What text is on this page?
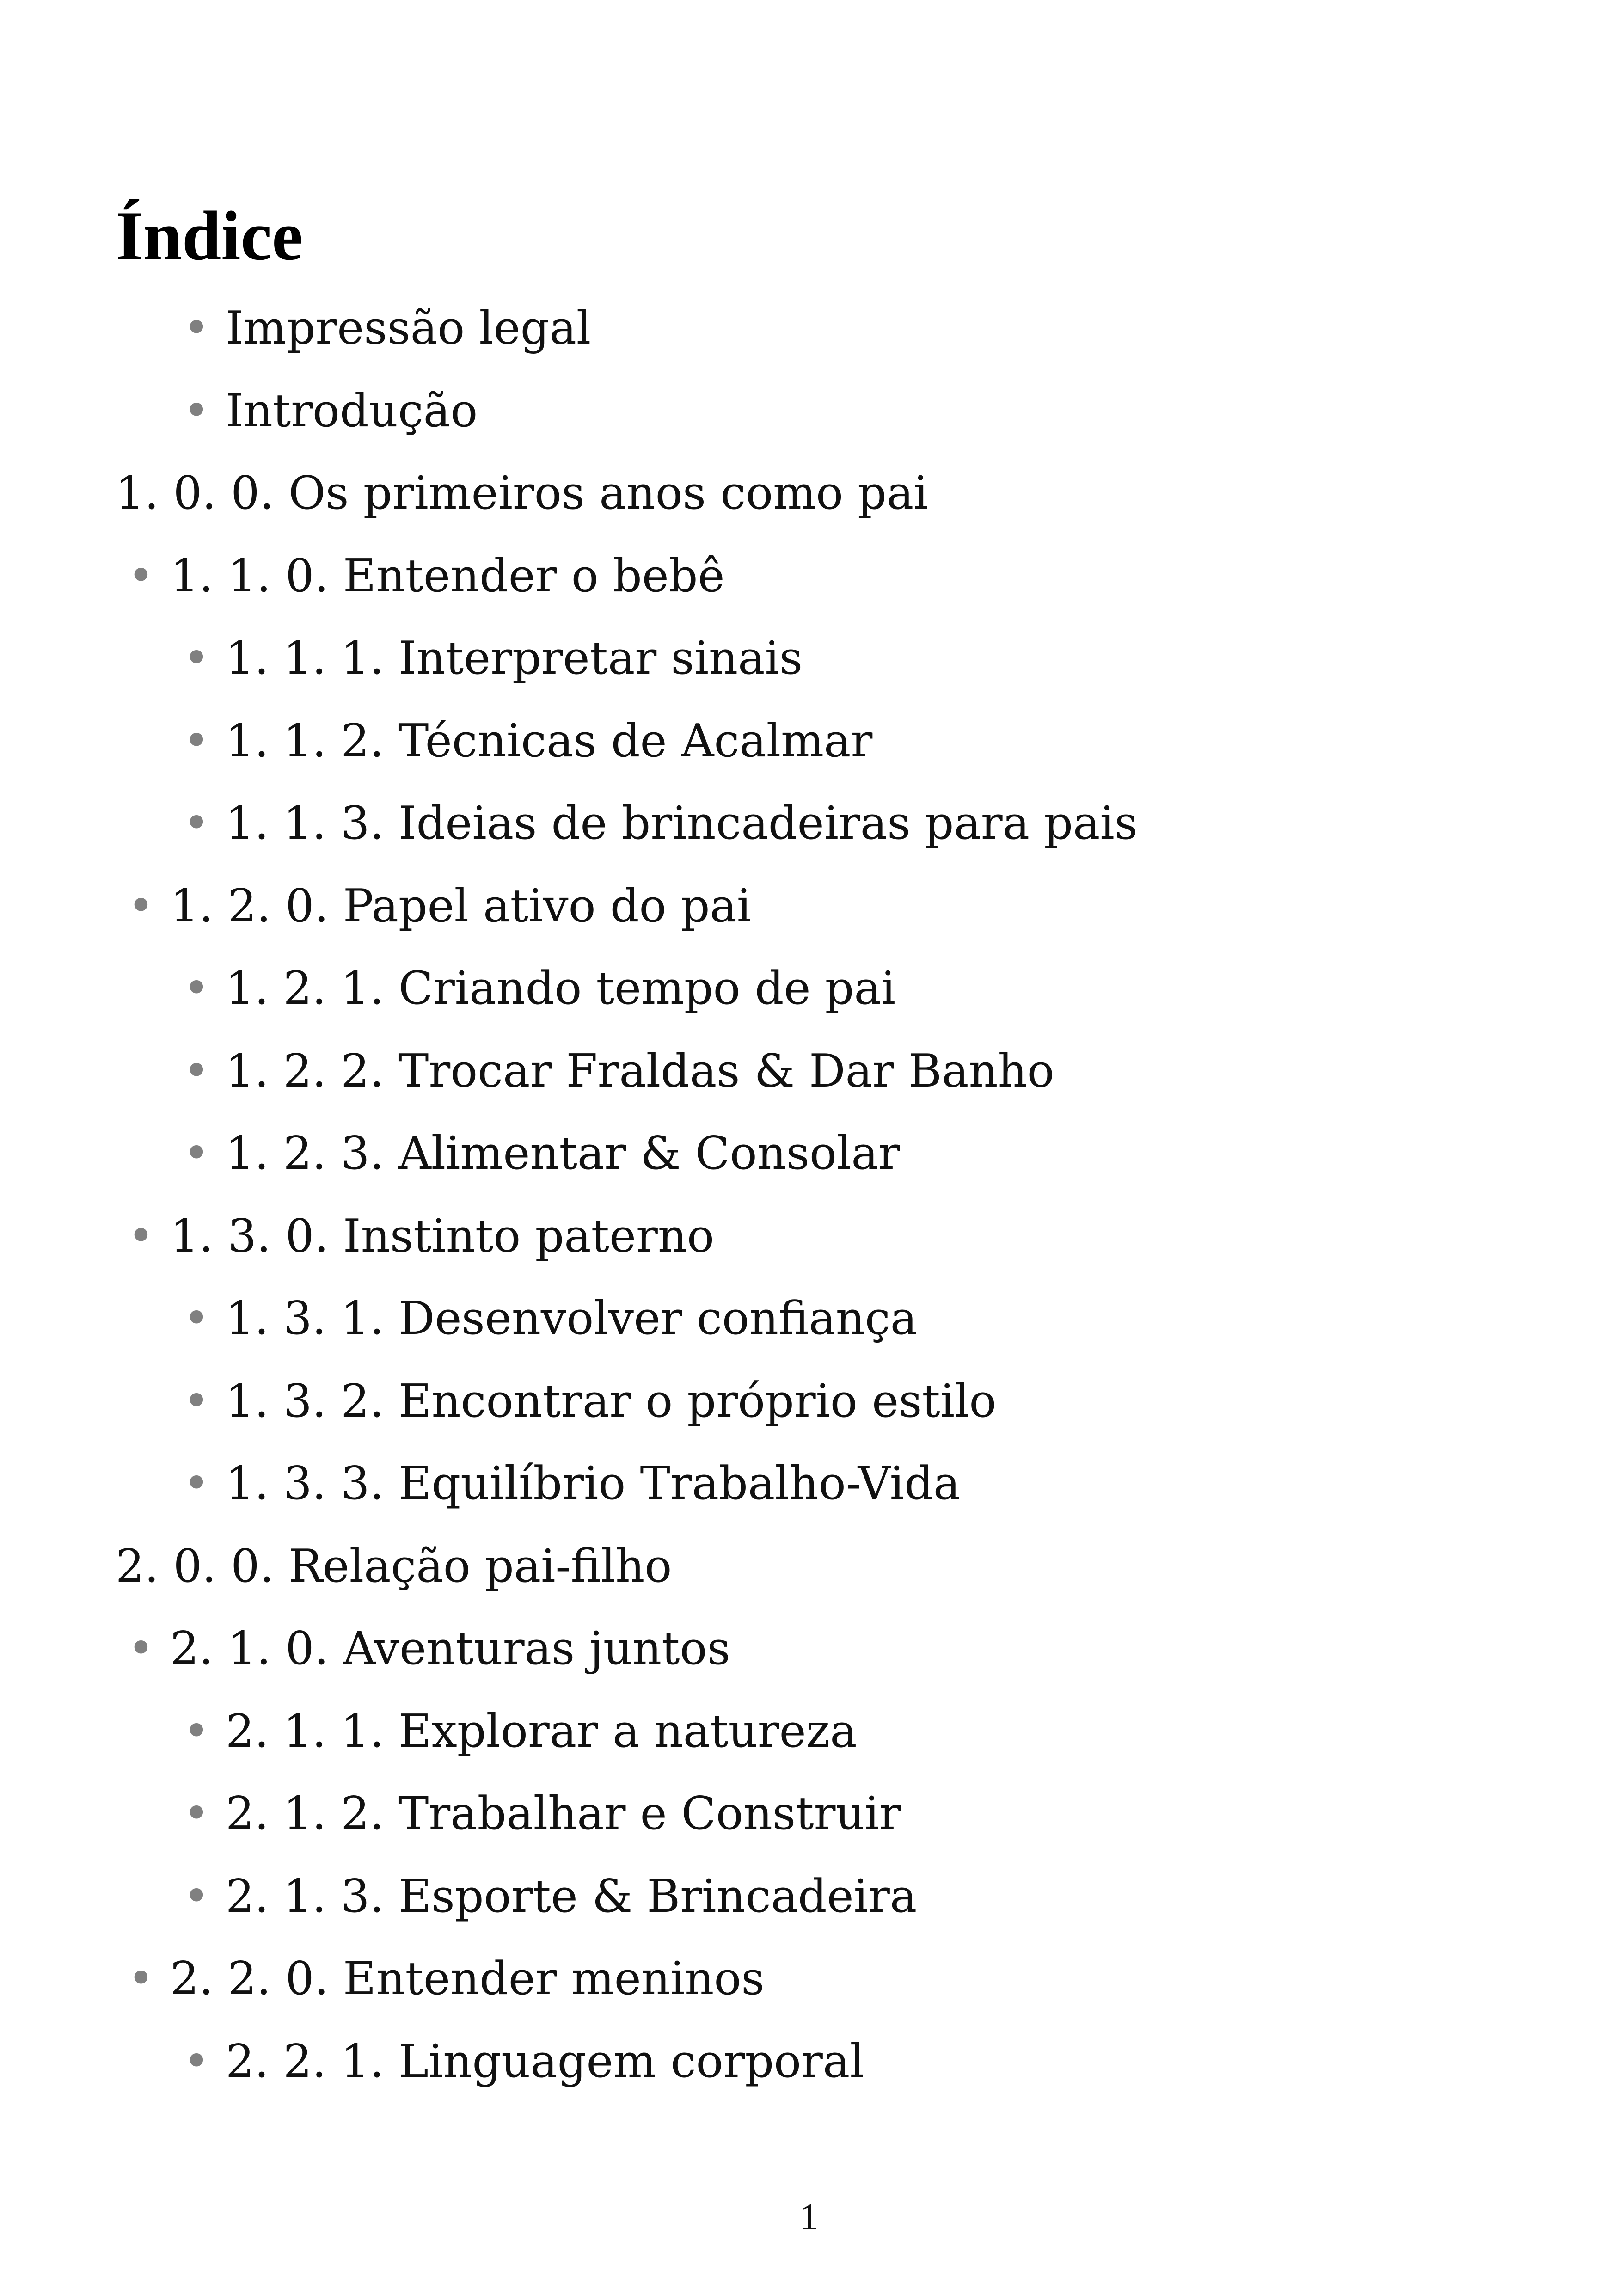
Índice
• Impressão legal
• Introdução
1. 0. 0. Os primeiros anos como pai
• 1. 1. 0. Entender o bebê
• 1. 1. 1. Interpretar sinais
• 1. 1. 2. Técnicas de Acalmar
• 1. 1. 3. Ideias de brincadeiras para pais
• 1. 2. 0. Papel ativo do pai
• 1. 2. 1. Criando tempo de pai
• 1. 2. 2. Trocar Fraldas & Dar Banho
• 1. 2. 3. Alimentar & Consolar
• 1. 3. 0. Instinto paterno
• 1. 3. 1. Desenvolver confiança
• 1. 3. 2. Encontrar o próprio estilo
• 1. 3. 3. Equilíbrio Trabalho-Vida
2. 0. 0. Relação pai-filho
• 2. 1. 0. Aventuras juntos
• 2. 1. 1. Explorar a natureza
• 2. 1. 2. Trabalhar e Construir
• 2. 1. 3. Esporte & Brincadeira
• 2. 2. 0. Entender meninos
• 2. 2. 1. Linguagem corporal
1
